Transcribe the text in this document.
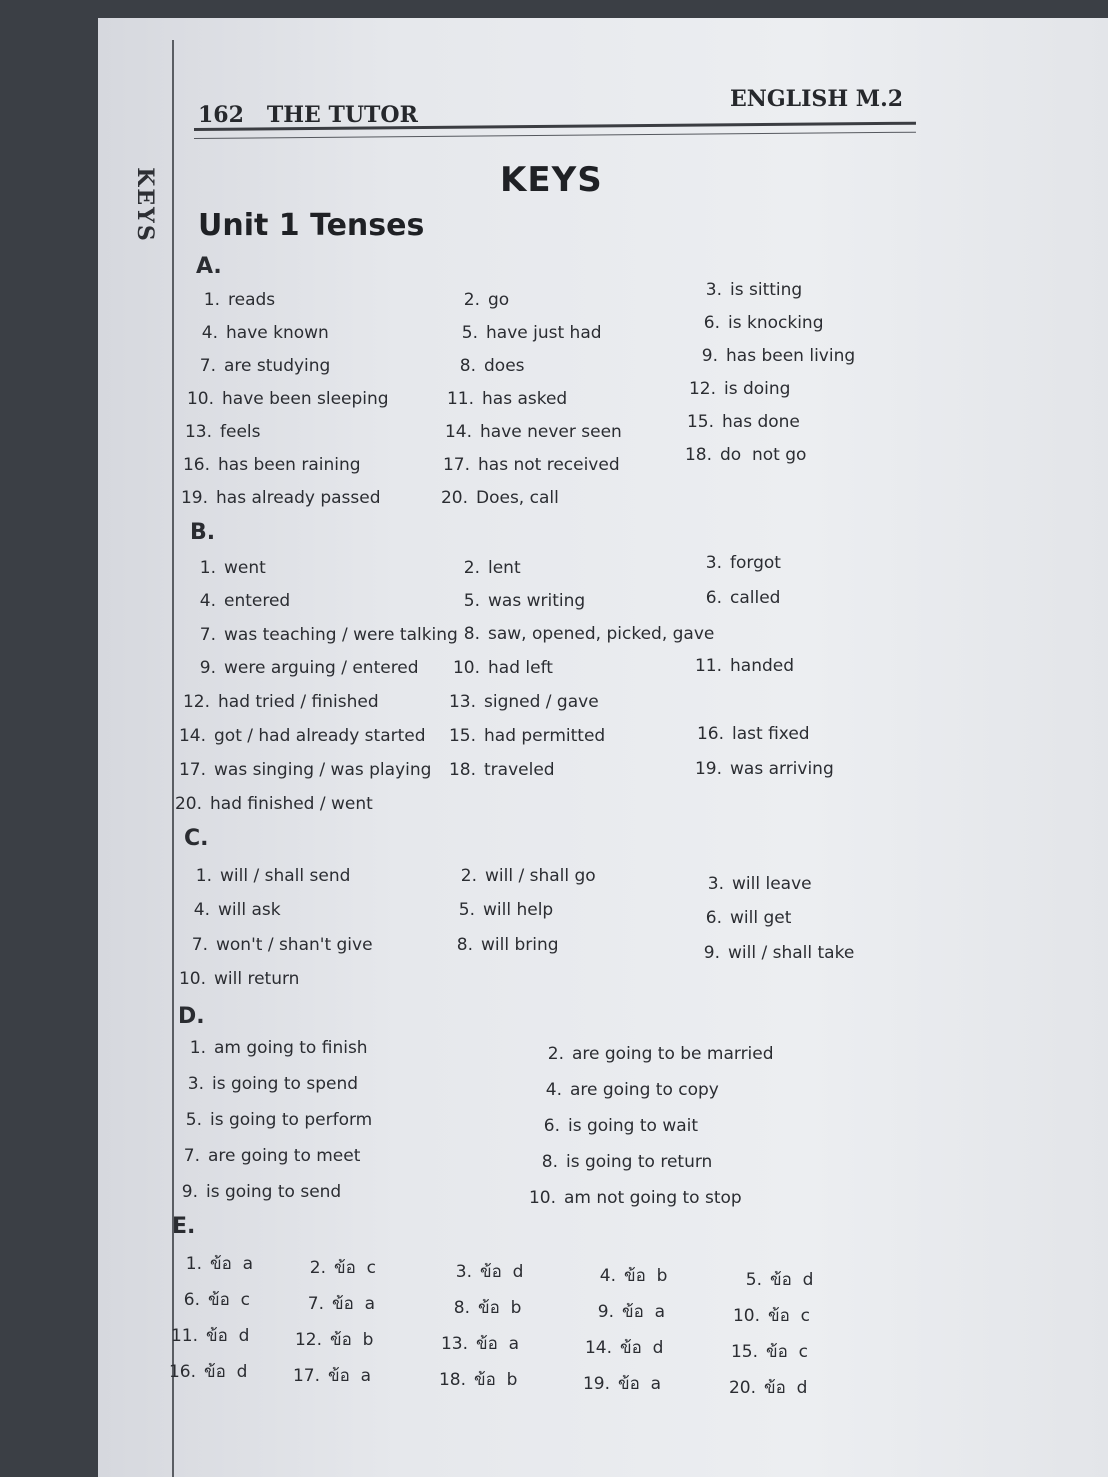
KEYS
162   THE TUTOR
ENGLISH M.2
KEYS
Unit 1 Tenses
A.
B.
C.
D.
E.
1. reads	2. go	3. is sitting
4. have known	5. have just had	6. is knocking
7. are studying	8. does	9. has been living
10. have been sleeping	11. has asked	12. is doing
13. feels	14. have never seen	15. has done
16. has been raining	17. has not received	18. do  not go
19. has already passed	20. Does, call
1. went	2. lent	3. forgot
4. entered	5. was writing	6. called
7. was teaching / were talking 8. saw, opened, picked, gave
9. were arguing / entered 10. had left	11. handed
12. had tried / finished	13. signed / gave
14. got / had already started 15. had permitted	16. last fixed
17. was singing / was playing 18. traveled	19. was arriving
20. had finished / went
1. will / shall send	2. will / shall go	3. will leave
4. will ask	5. will help	6. will get
7. won't / shan't give	8. will bring	9. will / shall take
10. will return
1. am going to finish	2. are going to be married
3. is going to spend	4. are going to copy
5. is going to perform	6. is going to wait
7. are going to meet	8. is going to return
9. is going to send	10. am not going to stop
1. ข้อ  a	2. ข้อ  c	3. ข้อ  d	4. ข้อ  b	5. ข้อ  d
6. ข้อ  c	7. ข้อ  a	8. ข้อ  b	9. ข้อ  a	10. ข้อ  c
11. ข้อ  d	12. ข้อ  b	13. ข้อ  a	14. ข้อ  d	15. ข้อ  c
16. ข้อ  d	17. ข้อ  a	18. ข้อ  b	19. ข้อ  a	20. ข้อ  d
